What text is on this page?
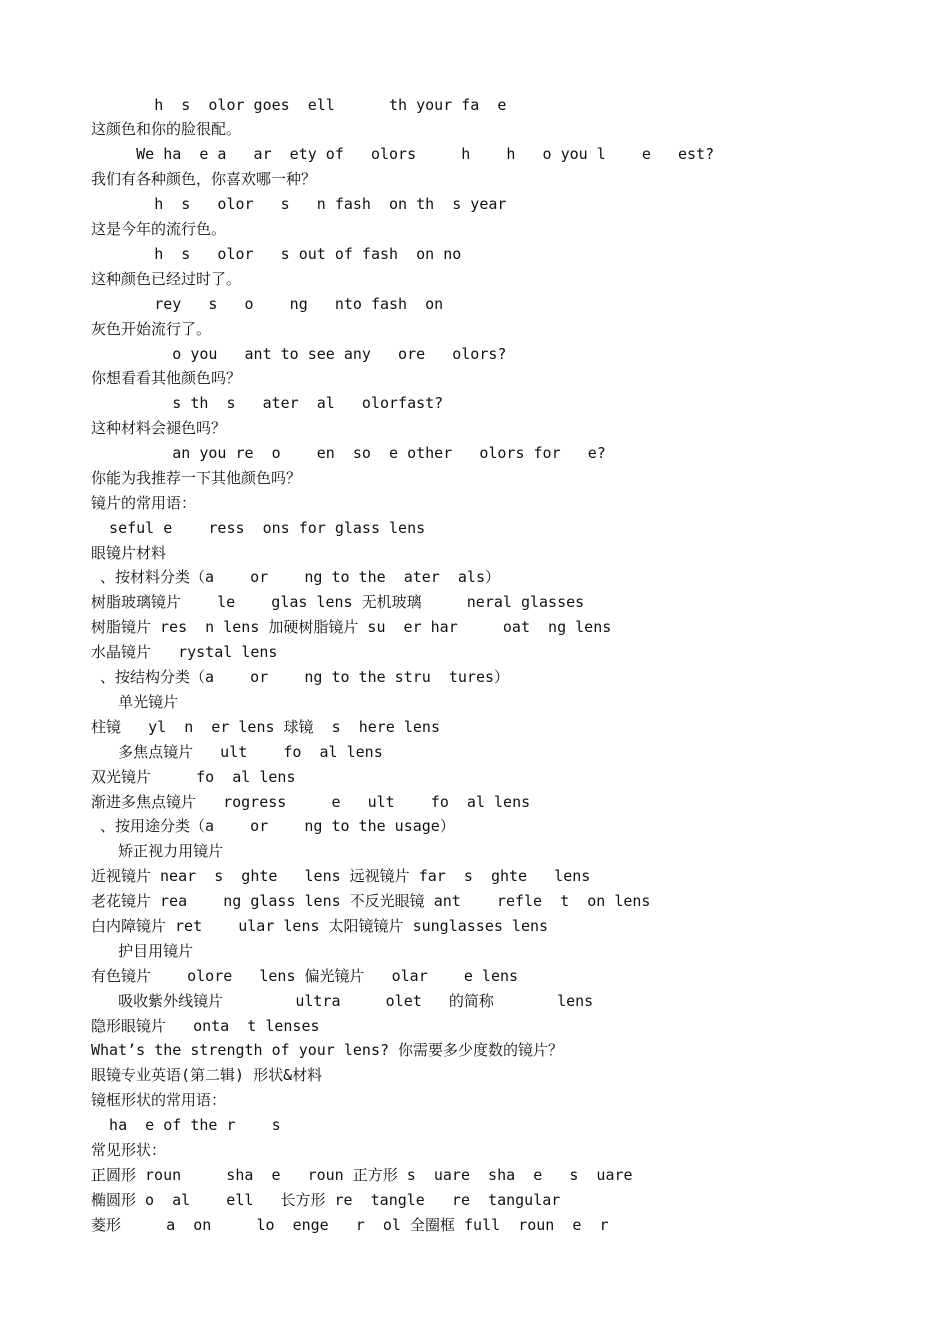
h  s  olor goes  ell      th your fa  e
这颜色和你的脸很配。
We ha  e a   ar  ety of   olors     h    h   o you l    e   est?
我们有各种颜色，你喜欢哪一种？
h  s   olor   s   n fash  on th  s year
这是今年的流行色。
h  s   olor   s out of fash  on no
这种颜色已经过时了。
rey   s   o    ng   nto fash  on
灰色开始流行了。
o you   ant to see any   ore   olors?
你想看看其他颜色吗？
s th  s   ater  al   olorfast?
这种材料会褪色吗？
an you re  o    en  so  e other   olors for   e?
你能为我推荐一下其他颜色吗？
镜片的常用语：
seful e    ress  ons for glass lens
眼镜片材料
、按材料分类（a    or    ng to the  ater  als）
树脂玻璃镜片    le    glas lens 无机玻璃     neral glasses
树脂镜片 res  n lens 加硬树脂镜片 su  er har     oat  ng lens
水晶镜片   rystal lens
、按结构分类（a    or    ng to the stru  tures）
单光镜片
柱镜   yl  n  er lens 球镜  s  here lens
多焦点镜片   ult    fo  al lens
双光镜片     fo  al lens
渐进多焦点镜片   rogress     e   ult    fo  al lens
、按用途分类（a    or    ng to the usage）
矫正视力用镜片
近视镜片 near  s  ghte   lens 远视镜片 far  s  ghte   lens
老花镜片 rea    ng glass lens 不反光眼镜 ant    refle  t  on lens
白内障镜片 ret    ular lens 太阳镜镜片 sunglasses lens
护目用镜片
有色镜片    olore   lens 偏光镜片   olar    e lens
吸收紫外线镜片        ultra     olet   的简称       lens
隐形眼镜片   onta  t lenses
What’s the strength of your lens? 你需要多少度数的镜片？
眼镜专业英语(第二辑) 形状&材料
镜框形状的常用语：
ha  e of the r    s
常见形状：
正圆形 roun     sha  e   roun 正方形 s  uare  sha  e   s  uare
椭圆形 o  al    ell   长方形 re  tangle   re  tangular
菱形     a  on     lo  enge   r  ol 全圈框 full  roun  e  r
